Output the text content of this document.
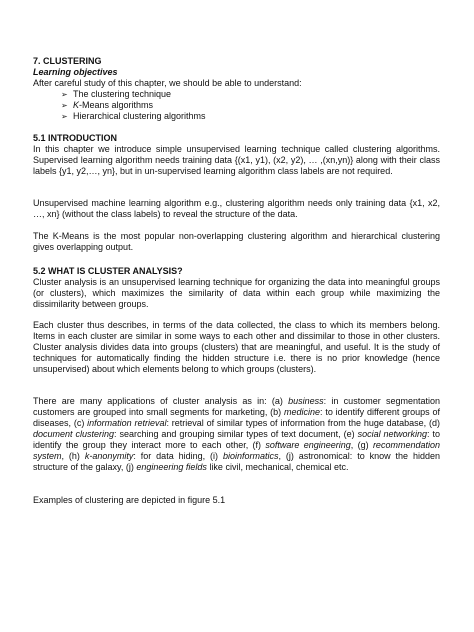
7. CLUSTERING
Learning objectives
After careful study of this chapter, we should be able to understand:
➢ The clustering technique
➢ K-Means algorithms
➢ Hierarchical clustering algorithms
5.1 INTRODUCTION
In this chapter we introduce simple unsupervised learning technique called clustering algorithms. Supervised learning algorithm needs training data {(x1, y1), (x2, y2), … ,(xn,yn)} along with their class labels {y1, y2,…, yn}, but in un-supervised learning algorithm class labels are not required.
Unsupervised machine learning algorithm e.g., clustering algorithm needs only training data {x1, x2, …, xn} (without the class labels) to reveal the structure of the data.
The K-Means is the most popular non-overlapping clustering algorithm and hierarchical clustering gives overlapping output.
5.2 WHAT IS CLUSTER ANALYSIS?
Cluster analysis is an unsupervised learning technique for organizing the data into meaningful groups (or clusters), which maximizes the similarity of data within each group while maximizing the dissimilarity between groups.
Each cluster thus describes, in terms of the data collected, the class to which its members belong. Items in each cluster are similar in some ways to each other and dissimilar to those in other clusters. Cluster analysis divides data into groups (clusters) that are meaningful, and useful. It is the study of techniques for automatically finding the hidden structure i.e. there is no prior knowledge (hence unsupervised) about which elements belong to which groups (clusters).
There are many applications of cluster analysis as in: (a) business: in customer segmentation customers are grouped into small segments for marketing, (b) medicine: to identify different groups of diseases, (c) information retrieval: retrieval of similar types of information from the huge database, (d) document clustering: searching and grouping similar types of text document, (e) social networking: to identify the group they interact more to each other, (f) software engineering, (g) recommendation system, (h) k-anonymity: for data hiding, (i) bioinformatics, (j) astronomical: to know the hidden structure of the galaxy, (j) engineering fields like civil, mechanical, chemical etc.
Examples of clustering are depicted in figure 5.1
